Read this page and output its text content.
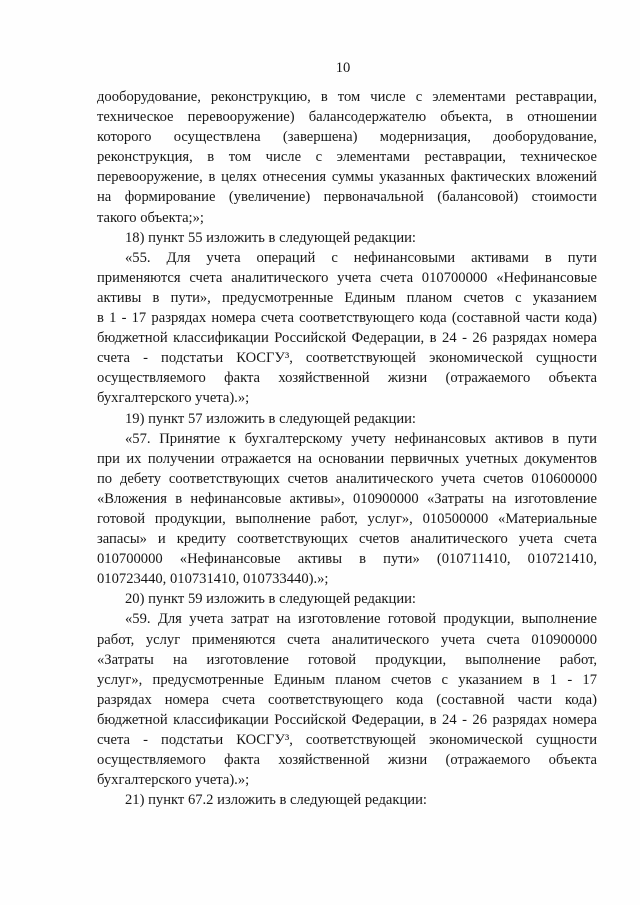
10
дооборудование, реконструкцию, в том числе с элементами реставрации,
техническое перевооружение) балансодержателю объекта, в отношении
которого осуществлена (завершена) модернизация, дооборудование,
реконструкция, в том числе с элементами реставрации, техническое
перевооружение, в целях отнесения суммы указанных фактических вложений
на формирование (увеличение) первоначальной (балансовой) стоимости
такого объекта;»;
18) пункт 55 изложить в следующей редакции:
«55. Для учета операций с нефинансовыми активами в пути
применяются счета аналитического учета счета 010700000 «Нефинансовые
активы в пути», предусмотренные Единым планом счетов с указанием
в 1 - 17 разрядах номера счета соответствующего кода (составной части кода)
бюджетной классификации Российской Федерации, в 24 - 26 разрядах номера
счета - подстатьи КОСГУ³, соответствующей экономической сущности
осуществляемого факта хозяйственной жизни (отражаемого объекта
бухгалтерского учета).»;
19) пункт 57 изложить в следующей редакции:
«57. Принятие к бухгалтерскому учету нефинансовых активов в пути
при их получении отражается на основании первичных учетных документов
по дебету соответствующих счетов аналитического учета счетов 010600000
«Вложения в нефинансовые активы», 010900000 «Затраты на изготовление
готовой продукции, выполнение работ, услуг», 010500000 «Материальные
запасы» и кредиту соответствующих счетов аналитического учета счета
010700000 «Нефинансовые активы в пути» (010711410, 010721410,
010723440, 010731410, 010733440).»;
20) пункт 59 изложить в следующей редакции:
«59. Для учета затрат на изготовление готовой продукции, выполнение
работ, услуг применяются счета аналитического учета счета 010900000
«Затраты на изготовление готовой продукции, выполнение работ,
услуг», предусмотренные Единым планом счетов с указанием в 1 - 17
разрядах номера счета соответствующего кода (составной части кода)
бюджетной классификации Российской Федерации, в 24 - 26 разрядах номера
счета - подстатьи КОСГУ³, соответствующей экономической сущности
осуществляемого факта хозяйственной жизни (отражаемого объекта
бухгалтерского учета).»;
21) пункт 67.2 изложить в следующей редакции:
